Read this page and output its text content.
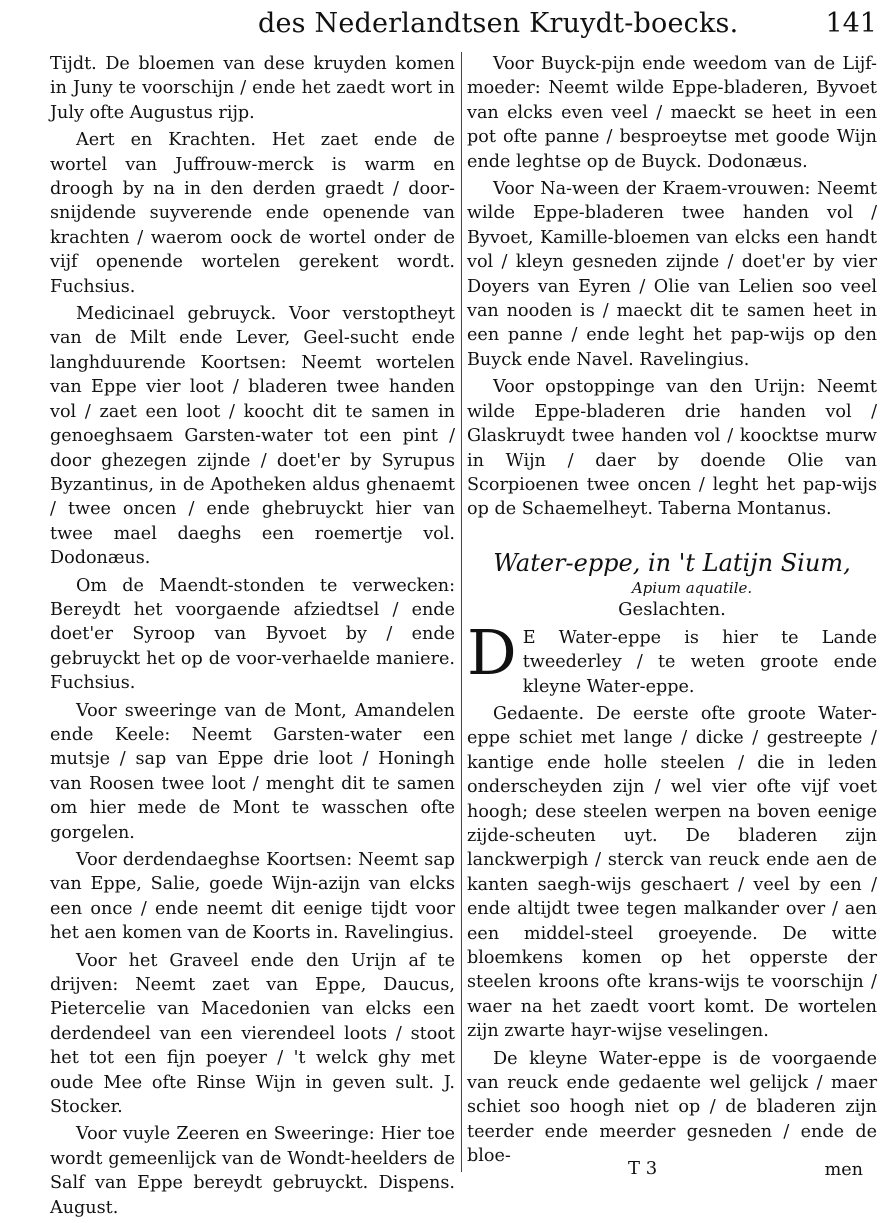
des Nederlandtsen Kruydt-boecks.	141

Tijdt. De bloemen van dese kruyden komen in Juny te voorschijn / ende het zaedt wort in July ofte Augustus rijp.

Aert en Krachten. Het zaet ende de wortel van Juffrouw-merck is warm en droogh by na in den derden graedt / door-snijdende suyverende ende openende van krachten / waerom oock de wortel onder de vijf openende wortelen gerekent wordt. Fuchsius.

Medicinael gebruyck. Voor verstoptheyt van de Milt ende Lever, Geel-sucht ende langhduurende Koortsen: Neemt wortelen van Eppe vier loot / bladeren twee handen vol / zaet een loot / koocht dit te samen in genoeghsaem Garsten-water tot een pint / door ghezegen zijnde / doet'er by Syrupus Byzantinus, in de Apotheken aldus ghenaemt / twee oncen / ende ghebruyckt hier van twee mael daeghs een roemertje vol. Dodonæus.

Om de Maendt-stonden te verwecken: Bereydt het voorgaende afziedtsel / ende doet'er Syroop van Byvoet by / ende gebruyckt het op de voor-verhaelde maniere. Fuchsius.

Voor sweeringe van de Mont, Amandelen ende Keele: Neemt Garsten-water een mutsje / sap van Eppe drie loot / Honingh van Roosen twee loot / menght dit te samen om hier mede de Mont te wasschen ofte gorgelen.

Voor derdendaeghse Koortsen: Neemt sap van Eppe, Salie, goede Wijn-azijn van elcks een once / ende neemt dit eenige tijdt voor het aen komen van de Koorts in. Ravelingius.

Voor het Graveel ende den Urijn af te drijven: Neemt zaet van Eppe, Daucus, Pietercelie van Macedonien van elcks een derdendeel van een vierendeel loots / stoot het tot een fijn poeyer / 't welck ghy met oude Mee ofte Rinse Wijn in geven sult. J. Stocker.

Voor vuyle Zeeren en Sweeringe: Hier toe wordt gemeenlijck van de Wondt-heelders de Salf van Eppe bereydt gebruyckt. Dispens. August.

Voor Buyck-pijn ende weedom van de Lijf-moeder: Neemt wilde Eppe-bladeren, Byvoet van elcks even veel / maeckt se heet in een pot ofte panne / besproeytse met goode Wijn ende leghtse op de Buyck. Dodonæus.

Voor Na-ween der Kraem-vrouwen: Neemt wilde Eppe-bladeren twee handen vol / Byvoet, Kamille-bloemen van elcks een handt vol / kleyn gesneden zijnde / doet'er by vier Doyers van Eyren / Olie van Lelien soo veel van nooden is / maeckt dit te samen heet in een panne / ende leght het pap-wijs op den Buyck ende Navel. Ravelingius.

Voor opstoppinge van den Urijn: Neemt wilde Eppe-bladeren drie handen vol / Glaskruydt twee handen vol / koocktse murw in Wijn / daer by doende Olie van Scorpioenen twee oncen / leght het pap-wijs op de Schaemelheyt. Taberna Montanus.

Water-eppe, in 't Latijn Sium,
Apium aquatile.
Geslachten.

D E Water-eppe is hier te Lande tweederley / te weten groote ende kleyne Water-eppe.

Gedaente. De eerste ofte groote Water-eppe schiet met lange / dicke / gestreepte / kantige ende holle steelen / die in leden onderscheyden zijn / wel vier ofte vijf voet hoogh; dese steelen werpen na boven eenige zijde-scheuten uyt. De bladeren zijn lanckwerpigh / sterck van reuck ende aen de kanten saegh-wijs geschaert / veel by een / ende altijdt twee tegen malkander over / aen een middel-steel groeyende. De witte bloemkens komen op het opperste der steelen kroons ofte krans-wijs te voorschijn / waer na het zaedt voort komt. De wortelen zijn zwarte hayr-wijse veselingen.

De kleyne Water-eppe is de voorgaende van reuck ende gedaente wel gelijck / maer schiet soo hoogh niet op / de bladeren zijn teerder ende meerder gesneden / ende de bloe-

T 3	men
